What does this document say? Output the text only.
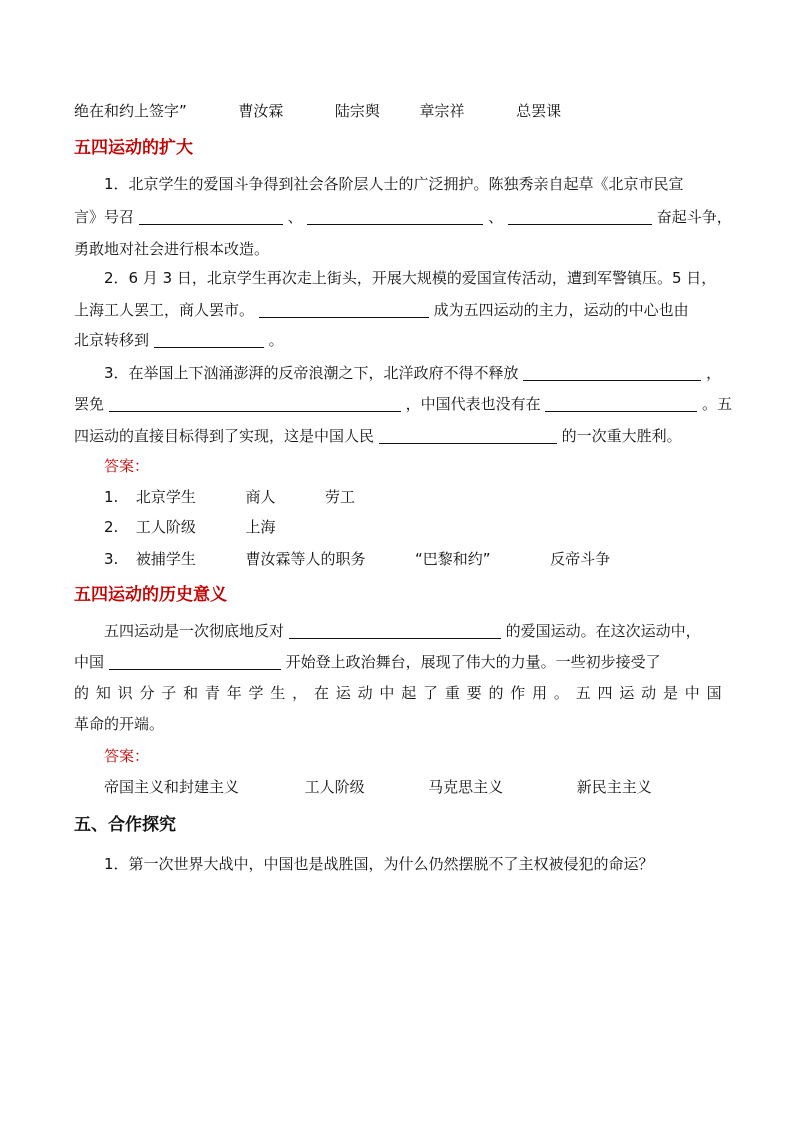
绝在和约上签字”	曹汝霖	陆宗舆	章宗祥	总罢课
五四运动的扩大
1．北京学生的爱国斗争得到社会各阶层人士的广泛拥护。陈独秀亲自起草《北京市民宣
言》号召	、	、	奋起斗争，
勇敢地对社会进行根本改造。
2．6 月 3 日，北京学生再次走上街头，开展大规模的爱国宣传活动，遭到军警镇压。5 日，
上海工人罢工，商人罢市。	成为五四运动的主力，运动的中心也由
北京转移到	。
3．在举国上下汹涌澎湃的反帝浪潮之下，北洋政府不得不释放	，
罢免	，中国代表也没有在	。五
四运动的直接目标得到了实现，这是中国人民	的一次重大胜利。
答案：
1. 北京学生	商人	劳工
2. 工人阶级	上海
3. 被捕学生	曹汝霖等人的职务	“巴黎和约”	反帝斗争
五四运动的历史意义
五四运动是一次彻底地反对	的爱国运动。在这次运动中，
中国	开始登上政治舞台，展现了伟大的力量。一些初步接受了
的 知 识 分 子 和 青 年 学 生 ， 在 运 动 中 起 了 重 要 的 作 用 。 五 四 运 动 是 中 国
革命的开端。
答案：
帝国主义和封建主义	工人阶级	马克思主义	新民主主义
五、合作探究
1．第一次世界大战中，中国也是战胜国，为什么仍然摆脱不了主权被侵犯的命运？
